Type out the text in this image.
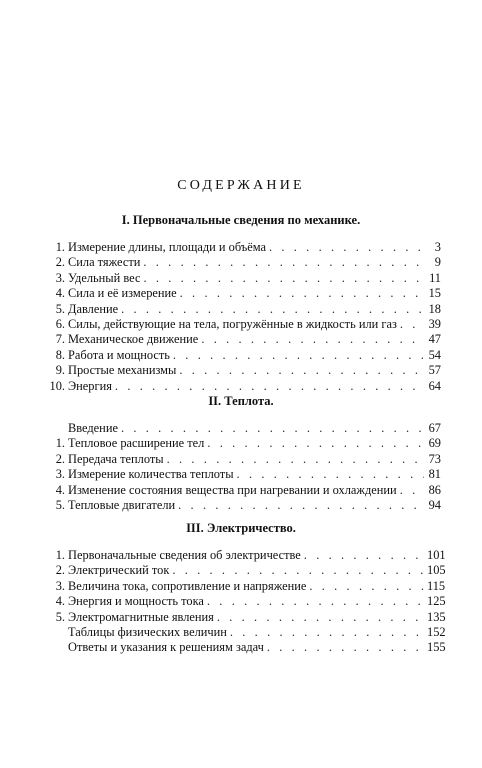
СОДЕРЖАНИЕ
I. Первоначальные сведения по механике.
1. Измерение длины, площади и объёма . . .	3
2. Сила тяжести . . .	9
3. Удельный вес . . .	11
4. Сила и её измерение . . .	15
5. Давление . . .	18
6. Силы, действующие на тела, погружённые в жидкость или газ . . .	39
7. Механическое движение . . .	47
8. Работа и мощность . . .	54
9. Простые механизмы . . .	57
10. Энергия . . .	64
II. Теплота.
Введение . . .	67
1. Тепловое расширение тел . . .	69
2. Передача теплоты . . .	73
3. Измерение количества теплоты . . .	81
4. Изменение состояния вещества при нагревании и охлаждении . . .	86
5. Тепловые двигатели . . .	94
III. Электричество.
1. Первоначальные сведения об электричестве . . .	101
2. Электрический ток . . .	105
3. Величина тока, сопротивление и напряжение . . .	115
4. Энергия и мощность тока . . .	125
5. Электромагнитные явления . . .	135
Таблицы физических величин . . .	152
Ответы и указания к решениям задач . . .	155
